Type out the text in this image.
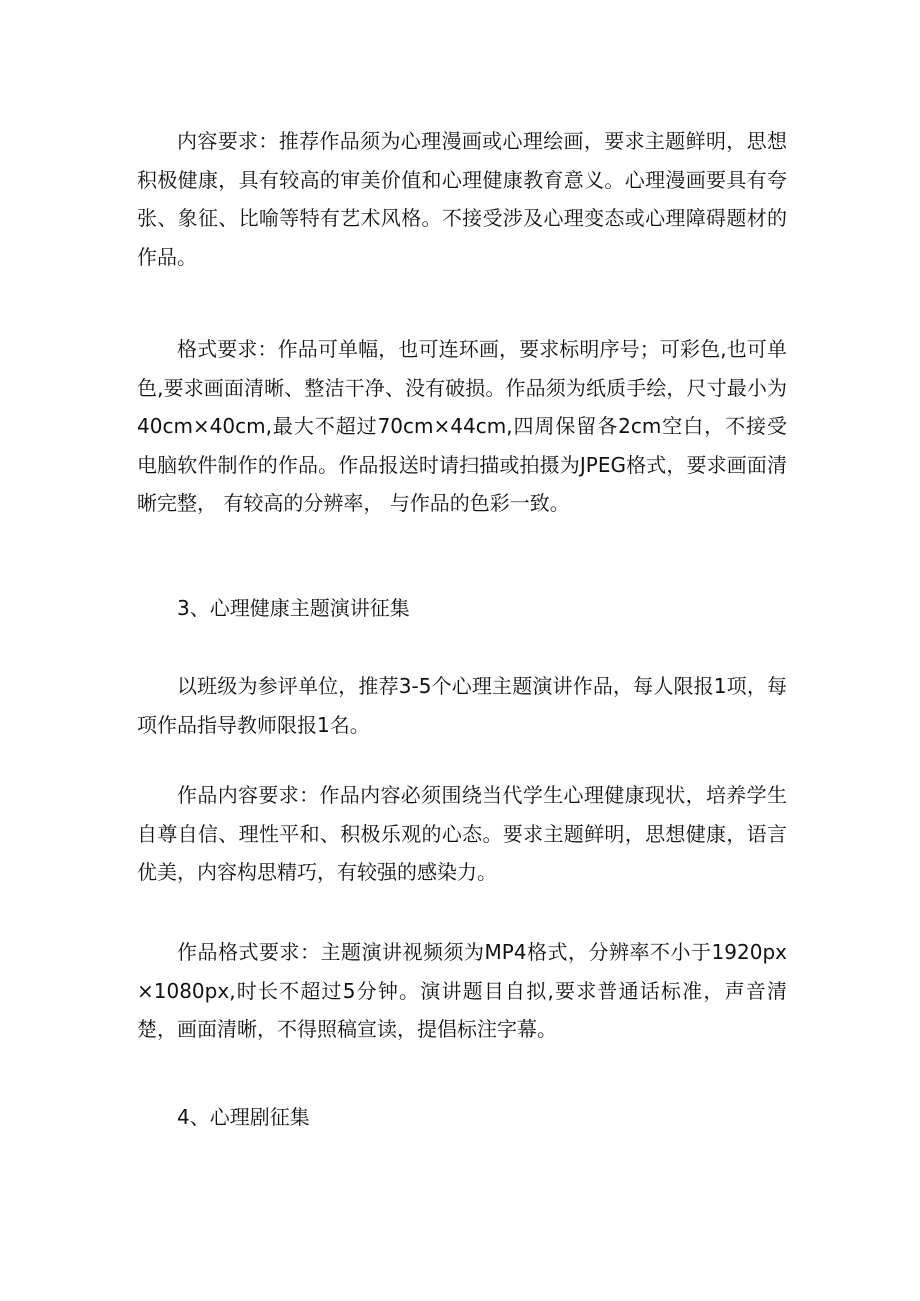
内容要求：推荐作品须为心理漫画或心理绘画，要求主题鲜明，思想积极健康，具有较高的审美价值和心理健康教育意义。心理漫画要具有夸张、象征、比喻等特有艺术风格。不接受涉及心理变态或心理障碍题材的作品。

格式要求：作品可单幅，也可连环画，要求标明序号；可彩色,也可单色,要求画面清晰、整洁干净、没有破损。作品须为纸质手绘，尺寸最小为40cm×40cm,最大不超过70cm×44cm,四周保留各2cm空白，不接受电脑软件制作的作品。作品报送时请扫描或拍摄为JPEG格式，要求画面清晰完整， 有较高的分辨率， 与作品的色彩一致。

3、心理健康主题演讲征集

以班级为参评单位，推荐3-5个心理主题演讲作品，每人限报1项，每项作品指导教师限报1名。

作品内容要求：作品内容必须围绕当代学生心理健康现状，培养学生自尊自信、理性平和、积极乐观的心态。要求主题鲜明，思想健康，语言优美，内容构思精巧，有较强的感染力。

作品格式要求：主题演讲视频须为MP4格式，分辨率不小于1920px×1080px,时长不超过5分钟。演讲题目自拟,要求普通话标准，声音清楚，画面清晰，不得照稿宣读，提倡标注字幕。

4、心理剧征集
